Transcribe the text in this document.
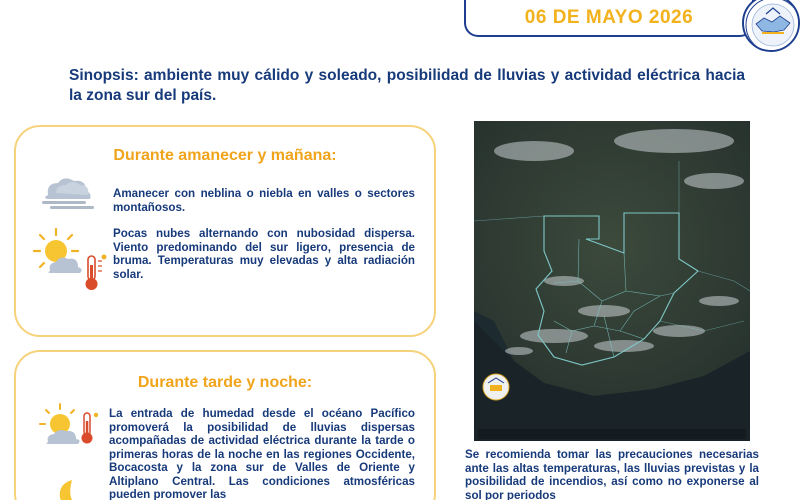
06 DE MAYO 2026

Sinopsis: ambiente muy cálido y soleado, posibilidad de lluvias y actividad eléctrica hacia la zona sur del país.

Durante amanecer y mañana:

Amanecer con neblina o niebla en valles o sectores montañosos.

Pocas nubes alternando con nubosidad dispersa. Viento predominando del sur ligero, presencia de bruma. Temperaturas muy elevadas y alta radiación solar.

Durante tarde y noche:

La entrada de humedad desde el océano Pacífico promoverá la posibilidad de lluvias dispersas acompañadas de actividad eléctrica durante la tarde o primeras horas de la noche en las regiones Occidente, Bocacosta y la zona sur de Valles de Oriente y Altiplano Central. Las condiciones atmosféricas pueden promover las

Se recomienda tomar las precauciones necesarias ante las altas temperaturas, las lluvias previstas y la posibilidad de incendios, así como no exponerse al sol por periodos
